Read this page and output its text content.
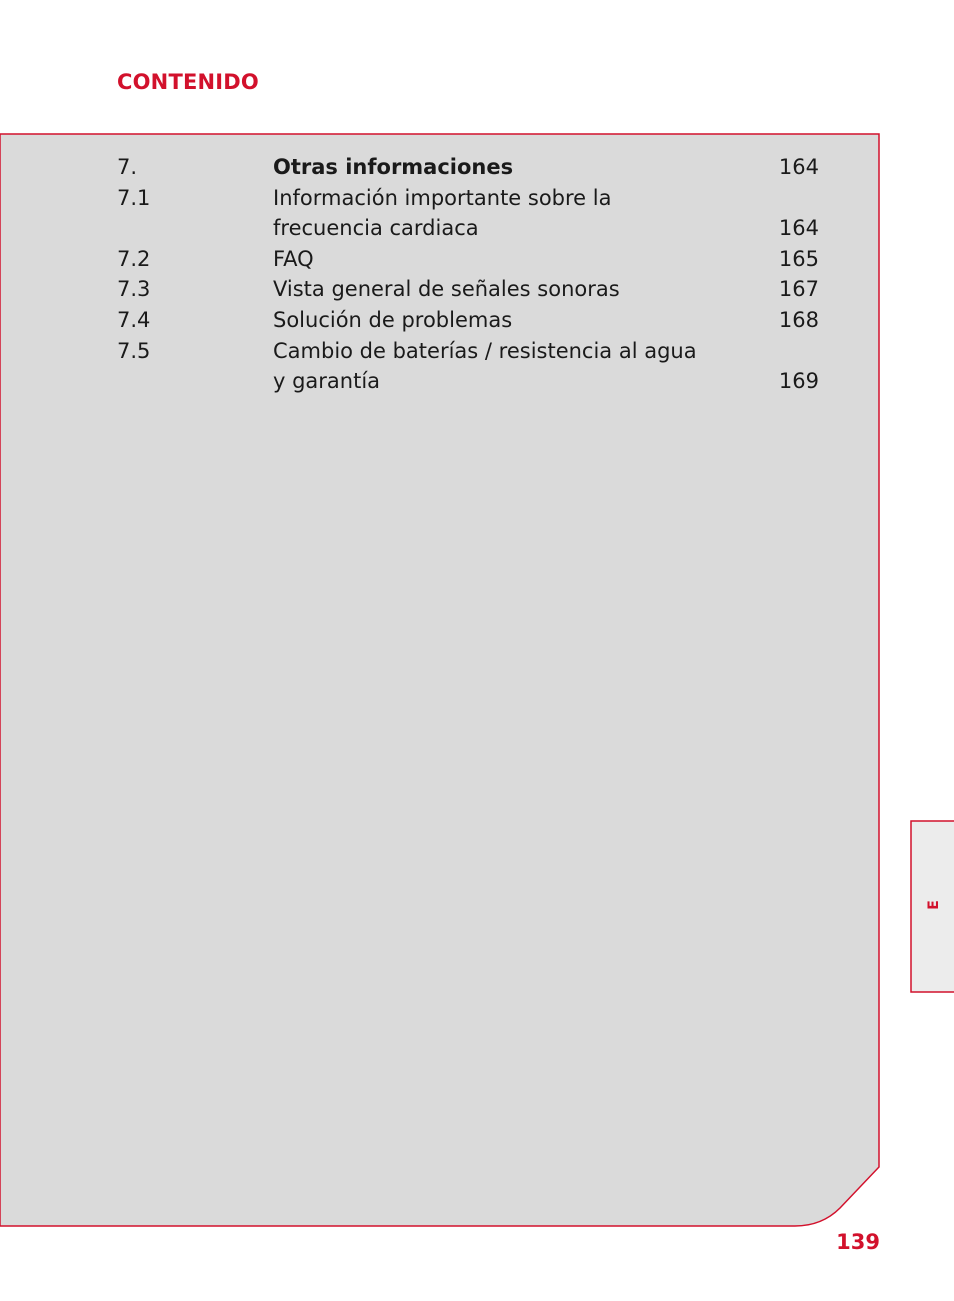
CONTENIDO
7.	Otras informaciones	164
7.1	Información importante sobre la
frecuencia cardiaca	164
7.2	FAQ	165
7.3	Vista general de señales sonoras	167
7.4	Solución de problemas	168
7.5	Cambio de baterías / resistencia al agua
y garantía	169
E
139
